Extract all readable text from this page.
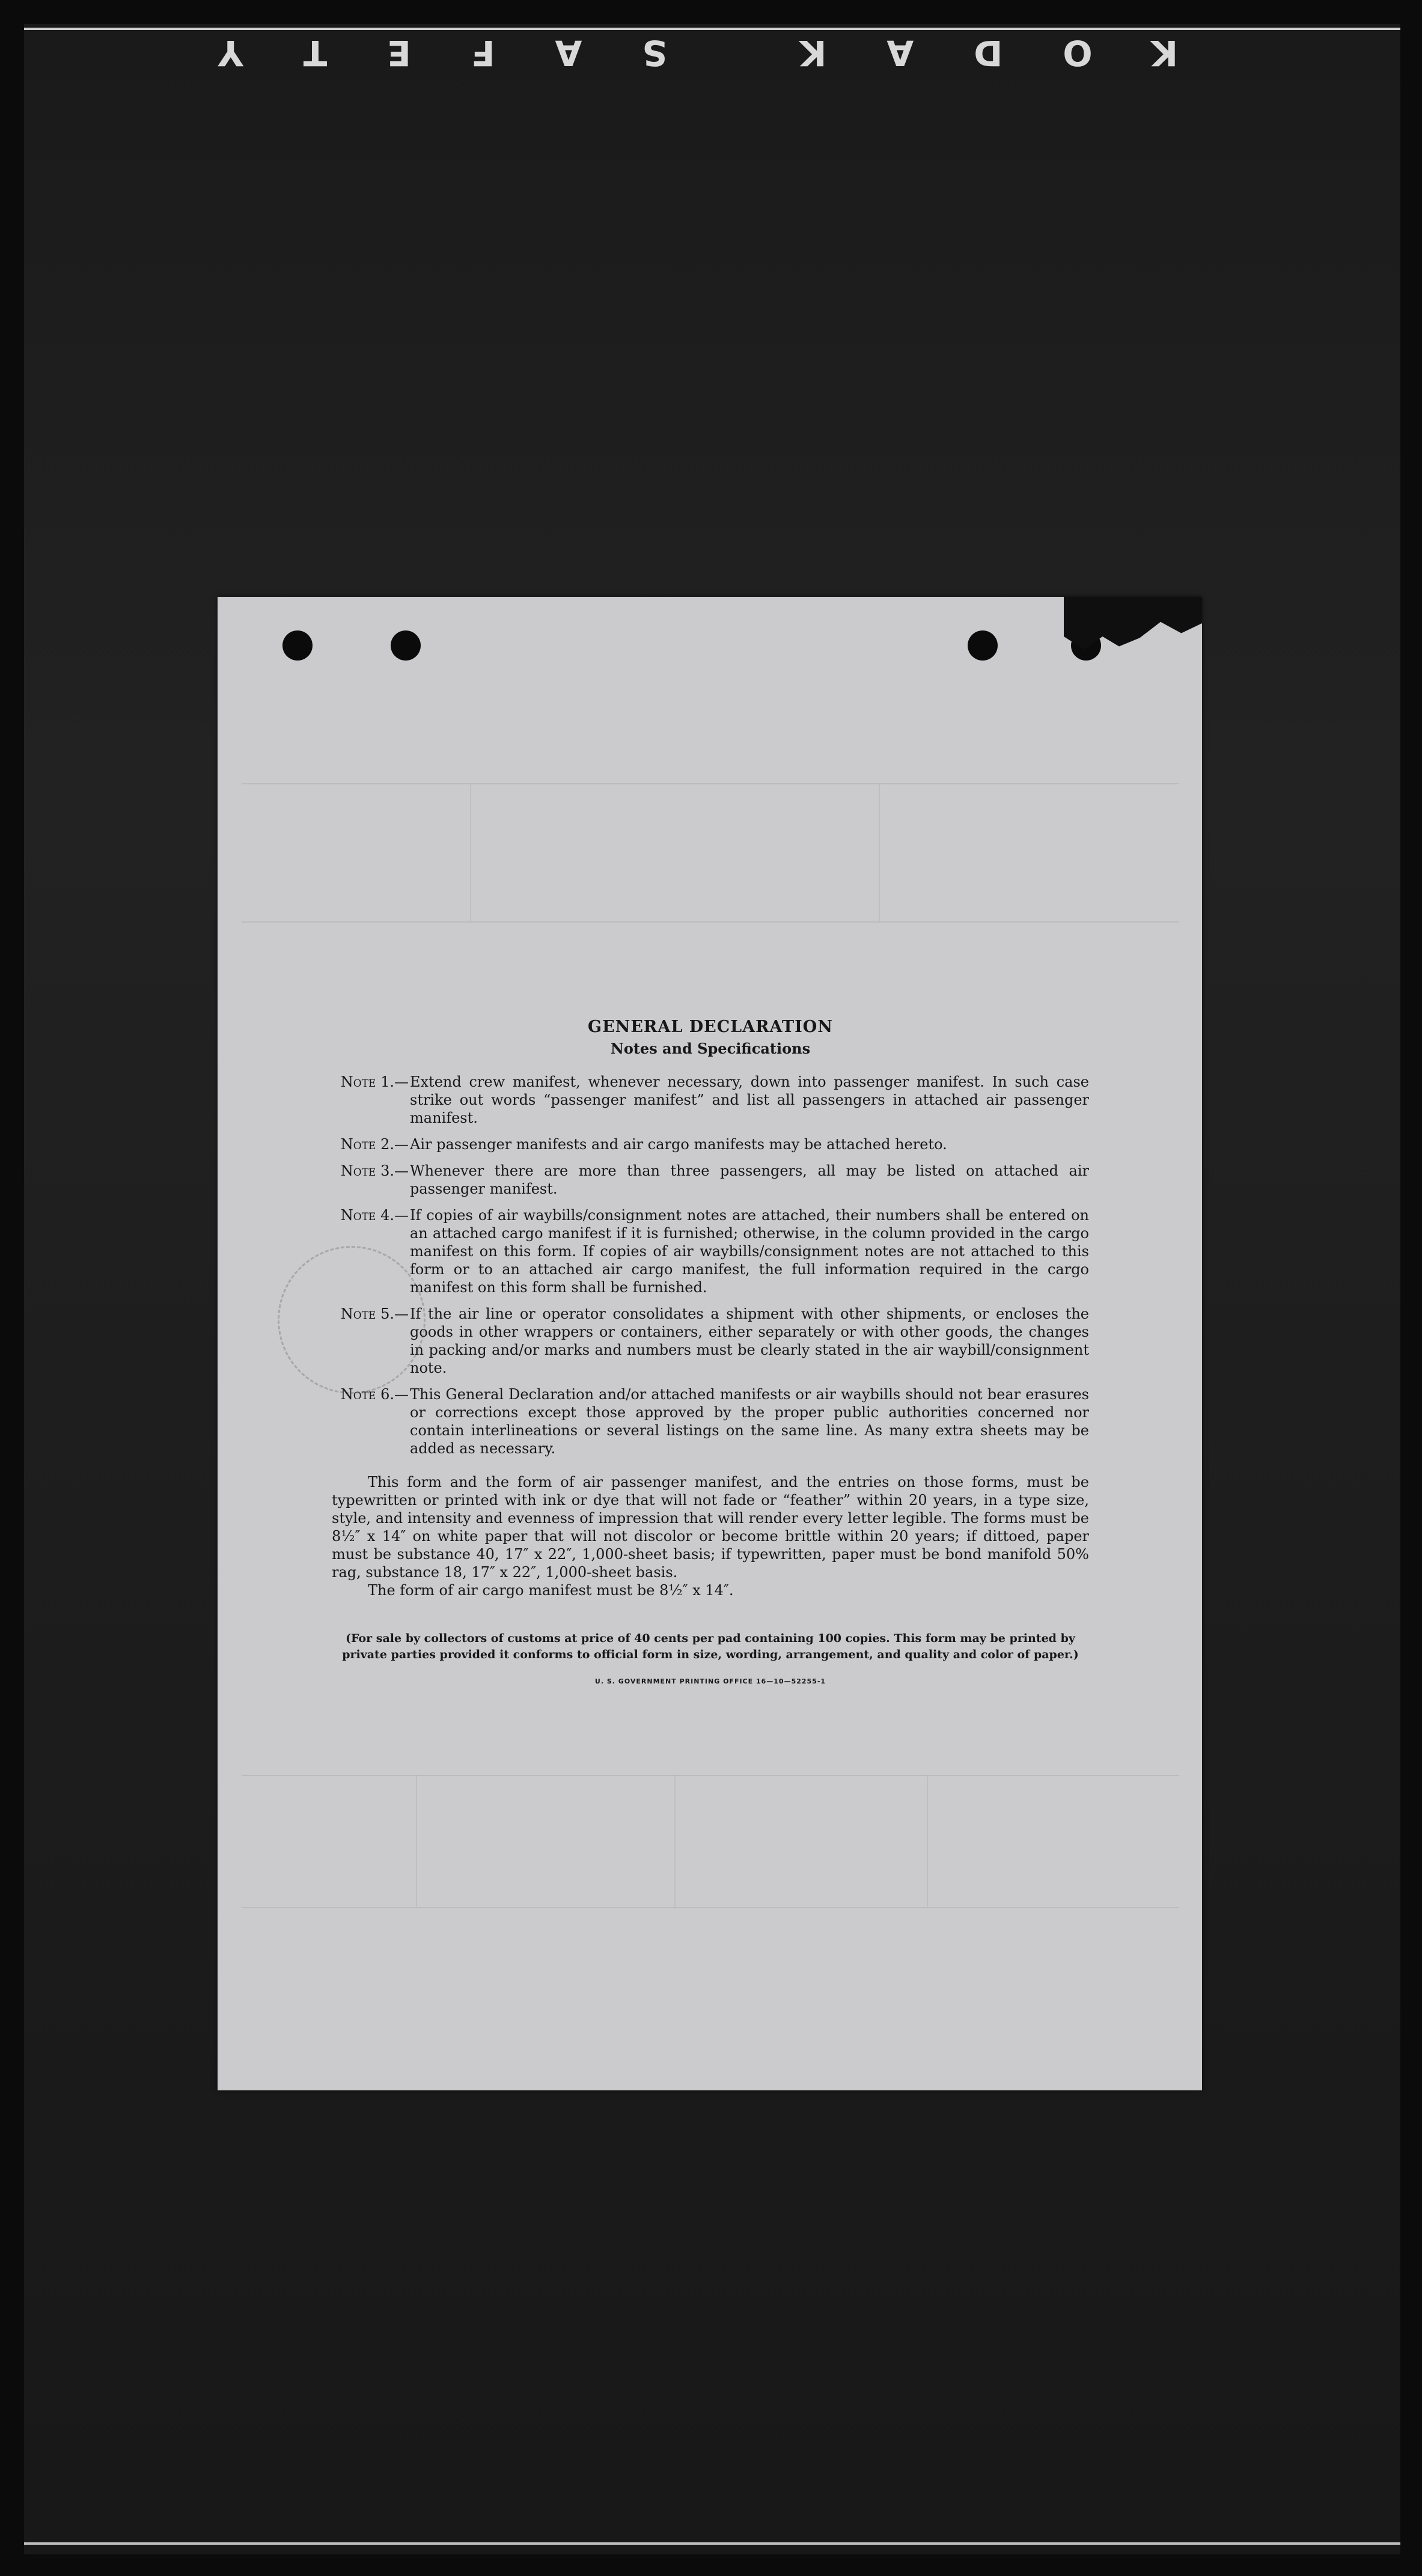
KODAK SAFETY

GENERAL DECLARATION

Notes and Specifications

Note 1.— Extend crew manifest, whenever necessary, down into passenger manifest. In such case strike out words “passenger manifest” and list all passengers in attached air passenger manifest.
Note 2.— Air passenger manifests and air cargo manifests may be attached hereto.
Note 3.— Whenever there are more than three passengers, all may be listed on attached air passenger manifest.
Note 4.— If copies of air waybills/consignment notes are attached, their numbers shall be entered on an attached cargo manifest if it is furnished; otherwise, in the column provided in the cargo manifest on this form. If copies of air waybills/consignment notes are not attached to this form or to an attached air cargo manifest, the full information required in the cargo manifest on this form shall be furnished.
Note 5.— If the air line or operator consolidates a shipment with other shipments, or encloses the goods in other wrappers or containers, either separately or with other goods, the changes in packing and/or marks and numbers must be clearly stated in the air waybill/consignment note.
Note 6.— This General Declaration and/or attached manifests or air waybills should not bear erasures or corrections except those approved by the proper public authorities concerned nor contain interlineations or several listings on the same line. As many extra sheets may be added as necessary.

This form and the form of air passenger manifest, and the entries on those forms, must be typewritten or printed with ink or dye that will not fade or “feather” within 20 years, in a type size, style, and intensity and evenness of impression that will render every letter legible. The forms must be 8½″ x 14″ on white paper that will not discolor or become brittle within 20 years; if dittoed, paper must be substance 40, 17″ x 22″, 1,000-sheet basis; if typewritten, paper must be bond manifold 50% rag, substance 18, 17″ x 22″, 1,000-sheet basis.

The form of air cargo manifest must be 8½″ x 14″.

(For sale by collectors of customs at price of 40 cents per pad containing 100 copies. This form may be printed by private parties provided it conforms to official form in size, wording, arrangement, and quality and color of paper.)

U. S. GOVERNMENT PRINTING OFFICE 16—10—52255-1
